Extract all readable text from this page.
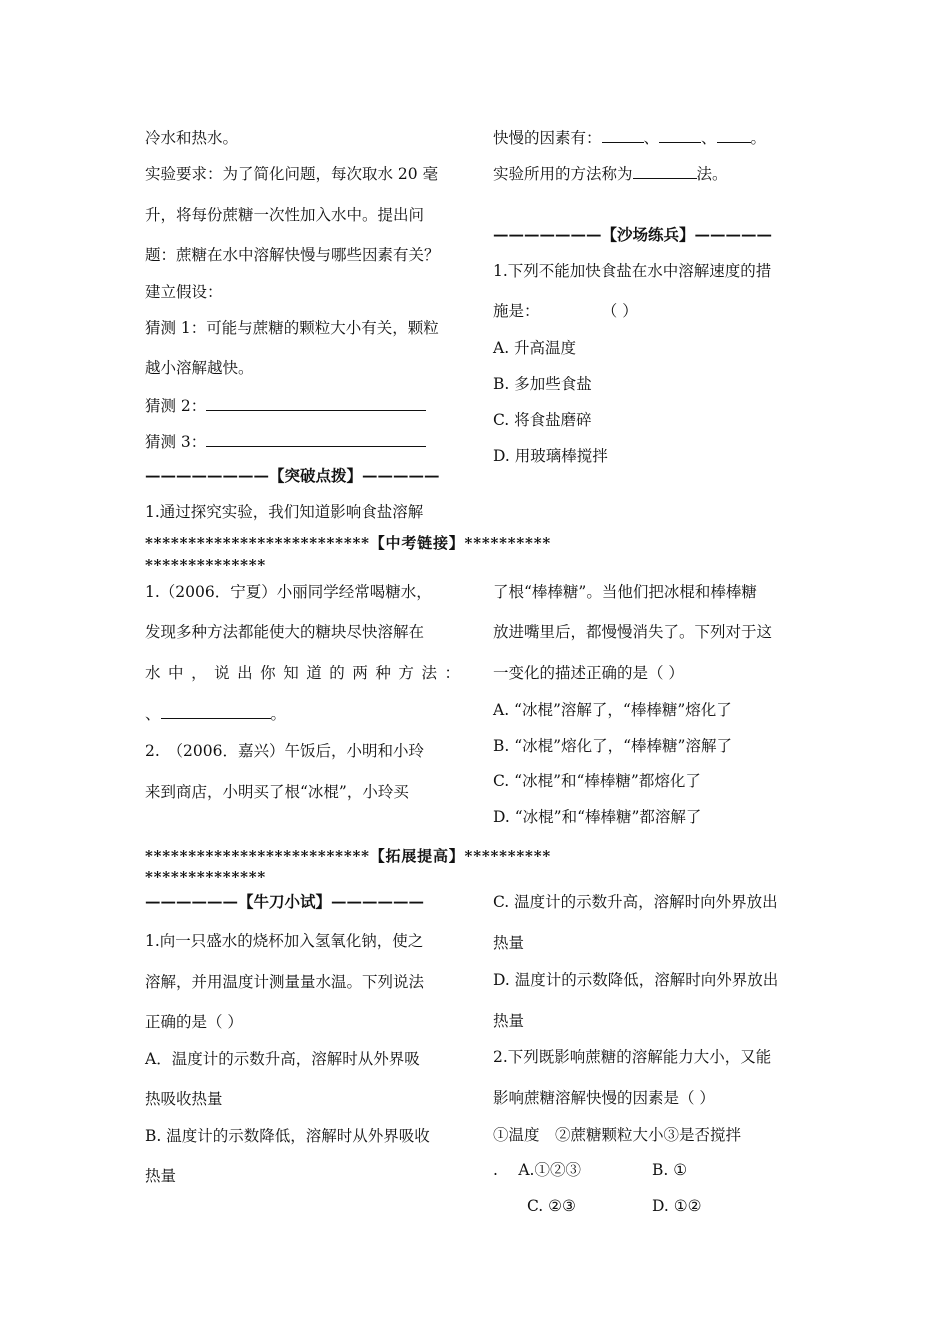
冷水和热水。
实验要求：为了简化问题，每次取水 20 毫
升，将每份蔗糖一次性加入水中。提出问
题：蔗糖在水中溶解快慢与哪些因素有关？
建立假设：
猜测 1：可能与蔗糖的颗粒大小有关，颗粒
越小溶解越快。
猜测 2：
猜测 3：
————————【突破点拨】—————
1.通过探究实验，我们知道影响食盐溶解
快慢的因素有：	、	、 。
实验所用的方法称为	法。
———————【沙场练兵】—————
1.下列不能加快食盐在水中溶解速度的措
施是：	（ ）
A. 升高温度
B. 多加些食盐
C. 将食盐磨碎
D. 用玻璃棒搅拌
**************************【中考链接】**********
**************
1.（2006．宁夏）小丽同学经常喝糖水，
发现多种方法都能使大的糖块尽快溶解在
水中，说出你知道的两种方法：
、	。
2.　（2006．嘉兴）午饭后，小明和小玲
来到商店，小明买了根“冰棍”，小玲买
了根“棒棒糖”。当他们把冰棍和棒棒糖
放进嘴里后，都慢慢消失了。下列对于这
一变化的描述正确的是（ ）
A. “冰棍”溶解了，“棒棒糖”熔化了
B. “冰棍”熔化了，“棒棒糖”溶解了
C. “冰棍”和“棒棒糖”都熔化了
D. “冰棍”和“棒棒糖”都溶解了
**************************【拓展提高】**********
**************
——————【牛刀小试】——————
1.向一只盛水的烧杯加入氢氧化钠，使之
溶解，并用温度计测量量水温。下列说法
正确的是（ ）
A．温度计的示数升高，溶解时从外界吸
热吸收热量
B. 温度计的示数降低，溶解时从外界吸收
热量
C. 温度计的示数升高，溶解时向外界放出
热量
D. 温度计的示数降低，溶解时向外界放出
热量
2.下列既影响蔗糖的溶解能力大小，又能
影响蔗糖溶解快慢的因素是（ ）
①温度　②蔗糖颗粒大小③是否搅拌
.　 A.①②③	B. ①
C. ②③	D. ①②
